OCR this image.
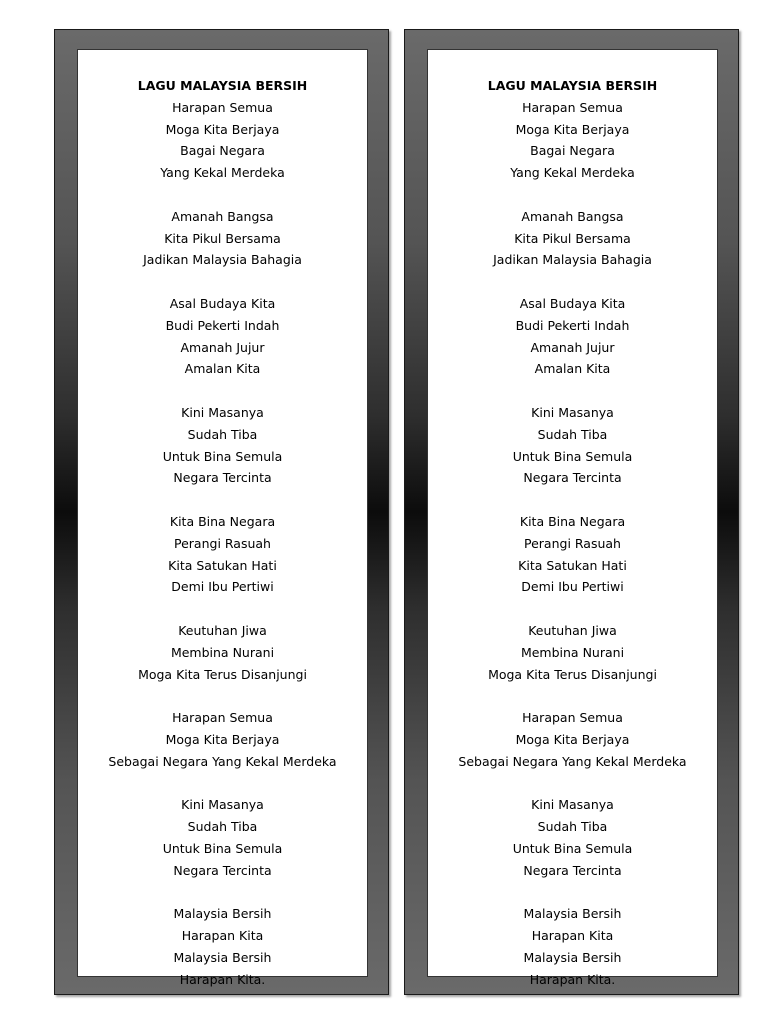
LAGU MALAYSIA BERSIH
Harapan Semua
Moga Kita Berjaya
Bagai Negara
Yang Kekal Merdeka
Amanah Bangsa
Kita Pikul Bersama
Jadikan Malaysia Bahagia
Asal Budaya Kita
Budi Pekerti Indah
Amanah Jujur
Amalan Kita
Kini Masanya
Sudah Tiba
Untuk Bina Semula
Negara Tercinta
Kita Bina Negara
Perangi Rasuah
Kita Satukan Hati
Demi Ibu Pertiwi
Keutuhan Jiwa
Membina Nurani
Moga Kita Terus Disanjungi
Harapan Semua
Moga Kita Berjaya
Sebagai Negara Yang Kekal Merdeka
Kini Masanya
Sudah Tiba
Untuk Bina Semula
Negara Tercinta
Malaysia Bersih
Harapan Kita
Malaysia Bersih
Harapan Kita.
LAGU MALAYSIA BERSIH
Harapan Semua
Moga Kita Berjaya
Bagai Negara
Yang Kekal Merdeka
Amanah Bangsa
Kita Pikul Bersama
Jadikan Malaysia Bahagia
Asal Budaya Kita
Budi Pekerti Indah
Amanah Jujur
Amalan Kita
Kini Masanya
Sudah Tiba
Untuk Bina Semula
Negara Tercinta
Kita Bina Negara
Perangi Rasuah
Kita Satukan Hati
Demi Ibu Pertiwi
Keutuhan Jiwa
Membina Nurani
Moga Kita Terus Disanjungi
Harapan Semua
Moga Kita Berjaya
Sebagai Negara Yang Kekal Merdeka
Kini Masanya
Sudah Tiba
Untuk Bina Semula
Negara Tercinta
Malaysia Bersih
Harapan Kita
Malaysia Bersih
Harapan Kita.
